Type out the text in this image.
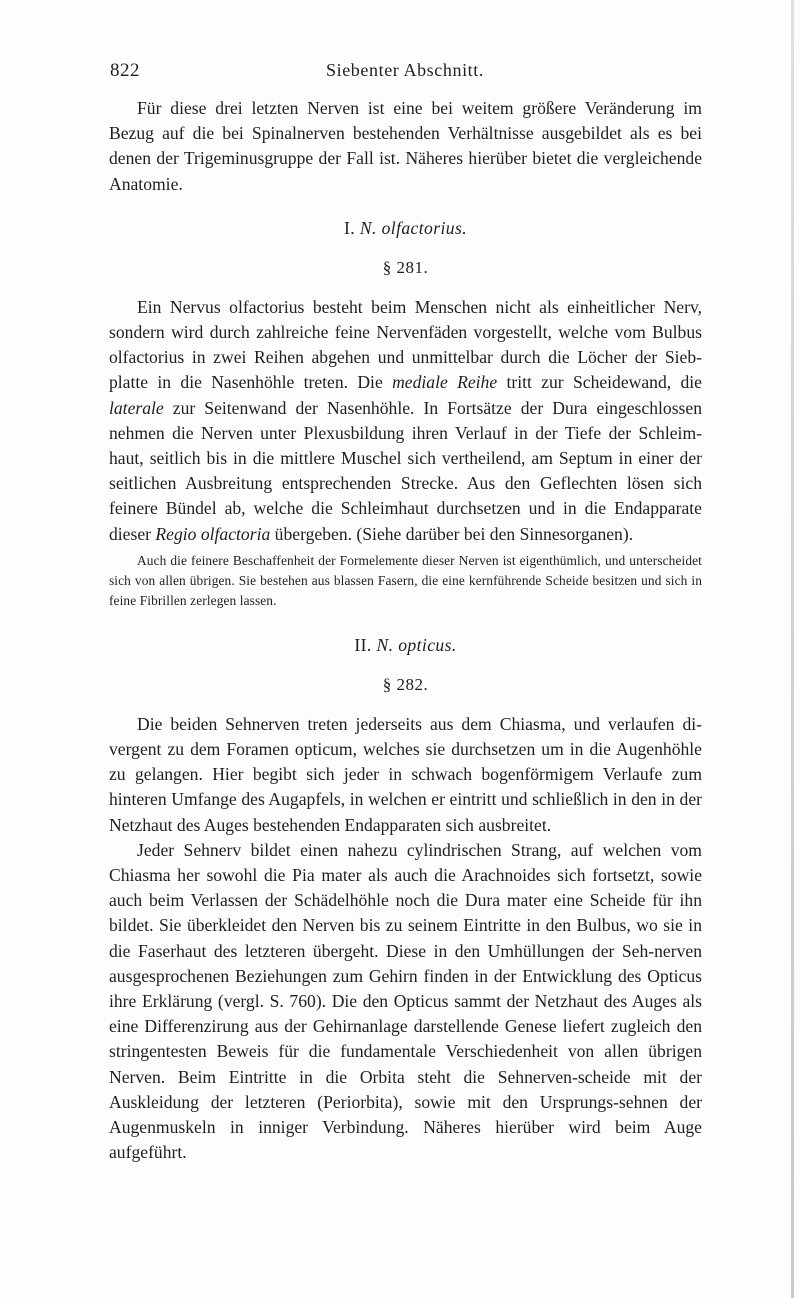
822	Siebenter Abschnitt.

Für diese drei letzten Nerven ist eine bei weitem größere Veränderung im Bezug auf die bei Spinalnerven bestehenden Verhältnisse ausgebildet als es bei denen der Trigeminusgruppe der Fall ist. Näheres hierüber bietet die vergleichende Anatomie.

I. N. olfactorius.
§ 281.

Ein Nervus olfactorius besteht beim Menschen nicht als einheitlicher Nerv, sondern wird durch zahlreiche feine Nervenfäden vorgestellt, welche vom Bulbus olfactorius in zwei Reihen abgehen und unmittelbar durch die Löcher der Sieb-platte in die Nasenhöhle treten. Die mediale Reihe tritt zur Scheidewand, die laterale zur Seitenwand der Nasenhöhle. In Fortsätze der Dura eingeschlossen nehmen die Nerven unter Plexusbildung ihren Verlauf in der Tiefe der Schleim-haut, seitlich bis in die mittlere Muschel sich vertheilend, am Septum in einer der seitlichen Ausbreitung entsprechenden Strecke. Aus den Geflechten lösen sich feinere Bündel ab, welche die Schleimhaut durchsetzen und in die Endapparate dieser Regio olfactoria übergeben. (Siehe darüber bei den Sinnesorganen).

Auch die feinere Beschaffenheit der Formelemente dieser Nerven ist eigenthümlich, und unterscheidet sich von allen übrigen. Sie bestehen aus blassen Fasern, die eine kernführende Scheide besitzen und sich in feine Fibrillen zerlegen lassen.

II. N. opticus.
§ 282.

Die beiden Sehnerven treten jederseits aus dem Chiasma, und verlaufen di-vergent zu dem Foramen opticum, welches sie durchsetzen um in die Augenhöhle zu gelangen. Hier begibt sich jeder in schwach bogenförmigem Verlaufe zum hinteren Umfange des Augapfels, in welchen er eintritt und schließlich in den in der Netzhaut des Auges bestehenden Endapparaten sich ausbreitet.

Jeder Sehnerv bildet einen nahezu cylindrischen Strang, auf welchen vom Chiasma her sowohl die Pia mater als auch die Arachnoides sich fortsetzt, sowie auch beim Verlassen der Schädelhöhle noch die Dura mater eine Scheide für ihn bildet. Sie überkleidet den Nerven bis zu seinem Eintritte in den Bulbus, wo sie in die Faserhaut des letzteren übergeht. Diese in den Umhüllungen der Seh-nerven ausgesprochenen Beziehungen zum Gehirn finden in der Entwicklung des Opticus ihre Erklärung (vergl. S. 760). Die den Opticus sammt der Netzhaut des Auges als eine Differenzirung aus der Gehirnanlage darstellende Genese liefert zugleich den stringentesten Beweis für die fundamentale Verschiedenheit von allen übrigen Nerven. Beim Eintritte in die Orbita steht die Sehnerven-scheide mit der Auskleidung der letzteren (Periorbita), sowie mit den Ursprungs-sehnen der Augenmuskeln in inniger Verbindung. Näheres hierüber wird beim Auge aufgeführt.
